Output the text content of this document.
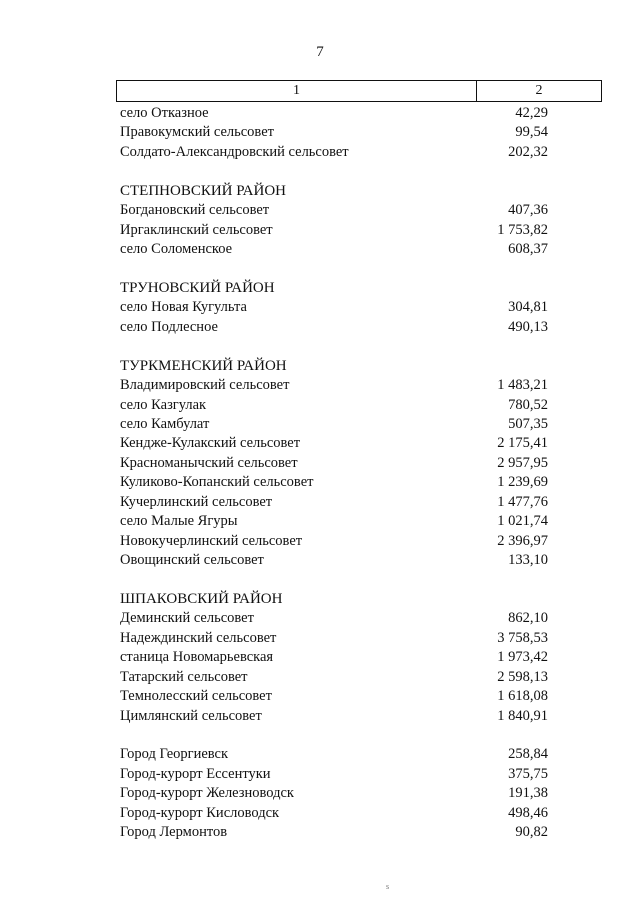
7
1	2
село Отказное	42,29
Правокумский сельсовет	99,54
Солдато-Александровский сельсовет	202,32
СТЕПНОВСКИЙ РАЙОН
Богдановский сельсовет	407,36
Иргаклинский сельсовет	1 753,82
село Соломенское	608,37
ТРУНОВСКИЙ РАЙОН
село Новая Кугульта	304,81
село Подлесное	490,13
ТУРКМЕНСКИЙ РАЙОН
Владимировский сельсовет	1 483,21
село Казгулак	780,52
село Камбулат	507,35
Кендже-Кулакский сельсовет	2 175,41
Красноманычский сельсовет	2 957,95
Куликово-Копанский сельсовет	1 239,69
Кучерлинский сельсовет	1 477,76
село Малые Ягуры	1 021,74
Новокучерлинский сельсовет	2 396,97
Овощинский сельсовет	133,10
ШПАКОВСКИЙ РАЙОН
Деминский сельсовет	862,10
Надеждинский сельсовет	3 758,53
станица Новомарьевская	1 973,42
Татарский сельсовет	2 598,13
Темнолесский сельсовет	1 618,08
Цимлянский сельсовет	1 840,91
Город Георгиевск	258,84
Город-курорт Ессентуки	375,75
Город-курорт Железноводск	191,38
Город-курорт Кисловодск	498,46
Город Лермонтов	90,82
ѕ
